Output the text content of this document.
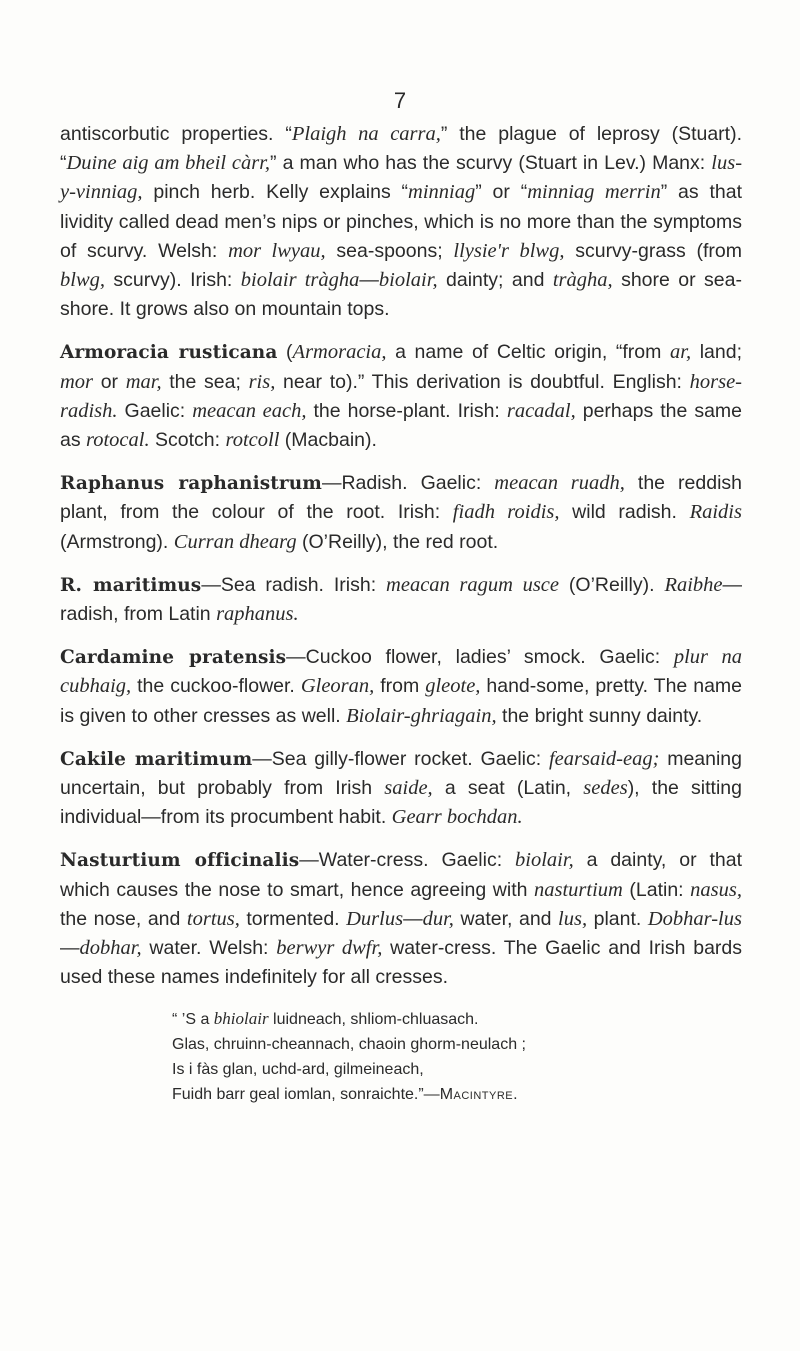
7

antiscorbutic properties. “Plaigh na carra,” the plague of leprosy (Stuart). “Duine aig am bheil càrr,” a man who has the scurvy (Stuart in Lev.) Manx: lus-y-vinniag, pinch herb. Kelly explains “minniag” or “minniag merrin” as that lividity called dead men’s nips or pinches, which is no more than the symptoms of scurvy. Welsh: mor lwyau, sea-spoons; llysie'r blwg, scurvy-grass (from blwg, scurvy). Irish: biolair tràgha—biolair, dainty; and tràgha, shore or sea-shore. It grows also on mountain tops.

Armoracia rusticana (Armoracia, a name of Celtic origin, “from ar, land; mor or mar, the sea; ris, near to).” This derivation is doubtful. English: horse-radish. Gaelic: meacan each, the horse-plant. Irish: racadal, perhaps the same as rotocal. Scotch: rotcoll (Macbain).

Raphanus raphanistrum—Radish. Gaelic: meacan ruadh, the reddish plant, from the colour of the root. Irish: fiadh roidis, wild radish. Raidis (Armstrong). Curran dhearg (O’Reilly), the red root.

R. maritimus—Sea radish. Irish: meacan ragum usce (O’Reilly). Raibhe—radish, from Latin raphanus.

Cardamine pratensis—Cuckoo flower, ladies’ smock. Gaelic: plur na cubhaig, the cuckoo-flower. Gleoran, from gleote, hand-some, pretty. The name is given to other cresses as well. Biolair-ghriagain, the bright sunny dainty.

Cakile maritimum—Sea gilly-flower rocket. Gaelic: fearsaid-eag; meaning uncertain, but probably from Irish saide, a seat (Latin, sedes), the sitting individual—from its procumbent habit. Gearr bochdan.

Nasturtium officinalis—Water-cress. Gaelic: biolair, a dainty, or that which causes the nose to smart, hence agreeing with nasturtium (Latin: nasus, the nose, and tortus, tormented. Durlus—dur, water, and lus, plant. Dobhar-lus—dobhar, water. Welsh: berwyr dwfr, water-cress. The Gaelic and Irish bards used these names indefinitely for all cresses.

“ ’S a bhiolair luidneach, shliom-chluasach.
Glas, chruinn-cheannach, chaoin ghorm-neulach ;
Is i fàs glan, uchd-ard, gilmeineach,
Fuidh barr geal iomlan, sonraichte.”—Macintyre.
